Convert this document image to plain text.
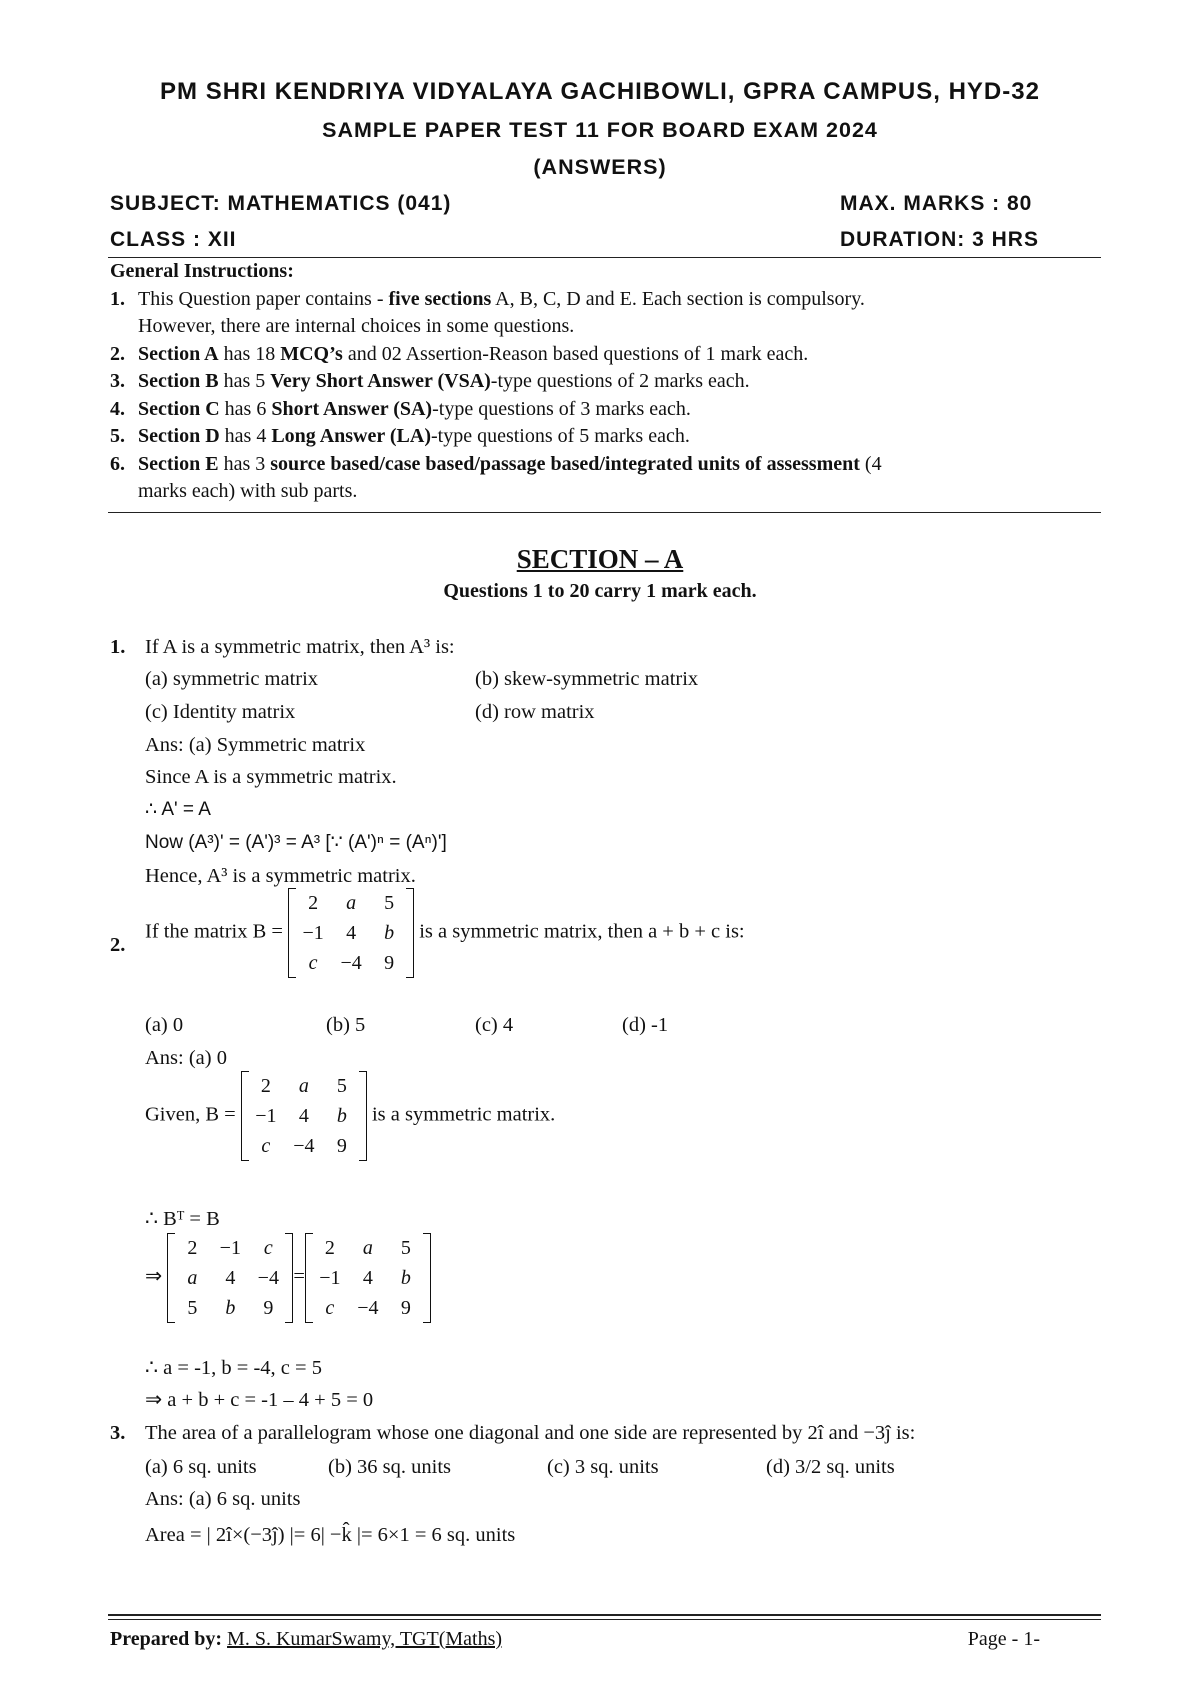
PM SHRI KENDRIYA VIDYALAYA GACHIBOWLI, GPRA CAMPUS, HYD-32
SAMPLE PAPER TEST 11 FOR BOARD EXAM 2024
(ANSWERS)
SUBJECT: MATHEMATICS (041)	MAX. MARKS : 80
CLASS : XII	DURATION: 3 HRS
General Instructions:
1. This Question paper contains - five sections A, B, C, D and E. Each section is compulsory.
However, there are internal choices in some questions.
2. Section A has 18 MCQ’s and 02 Assertion-Reason based questions of 1 mark each.
3. Section B has 5 Very Short Answer (VSA)-type questions of 2 marks each.
4. Section C has 6 Short Answer (SA)-type questions of 3 marks each.
5. Section D has 4 Long Answer (LA)-type questions of 5 marks each.
6. Section E has 3 source based/case based/passage based/integrated units of assessment (4
marks each) with sub parts.
SECTION – A
Questions 1 to 20 carry 1 mark each.
1. If A is a symmetric matrix, then A³ is:
(a) symmetric matrix	(b) skew-symmetric matrix
(c) Identity matrix	(d) row matrix
Ans: (a) Symmetric matrix
Since A is a symmetric matrix.
∴ A' = A
Now (A³)' = (A')³ = A³ [∵ (A')ⁿ = (Aⁿ)']
Hence, A³ is a symmetric matrix.
2.
If the matrix B =
2	a	5
−1	4	b
c	−4	9
is a symmetric matrix, then a + b + c is:
(a) 0	(b) 5	(c) 4	(d) -1
Ans: (a) 0
Given, B =
2	a	5
−1	4	b
c	−4	9
is a symmetric matrix.
∴ Bᵀ = B
⇒
2	−1	c
a	4	−4
5	b	9
=
2	a	5
−1	4	b
c	−4	9
∴ a = -1, b = -4, c = 5
⇒ a + b + c = -1 – 4 + 5 = 0
3. The area of a parallelogram whose one diagonal and one side are represented by 2î and −3ĵ is:
(a) 6 sq. units	(b) 36 sq. units	(c) 3 sq. units	(d) 3/2 sq. units
Ans: (a) 6 sq. units
Area = | 2î×(−3ĵ) |= 6| −k̂ |= 6×1 = 6 sq. units
Prepared by: M. S. KumarSwamy, TGT(Maths)	Page - 1-
